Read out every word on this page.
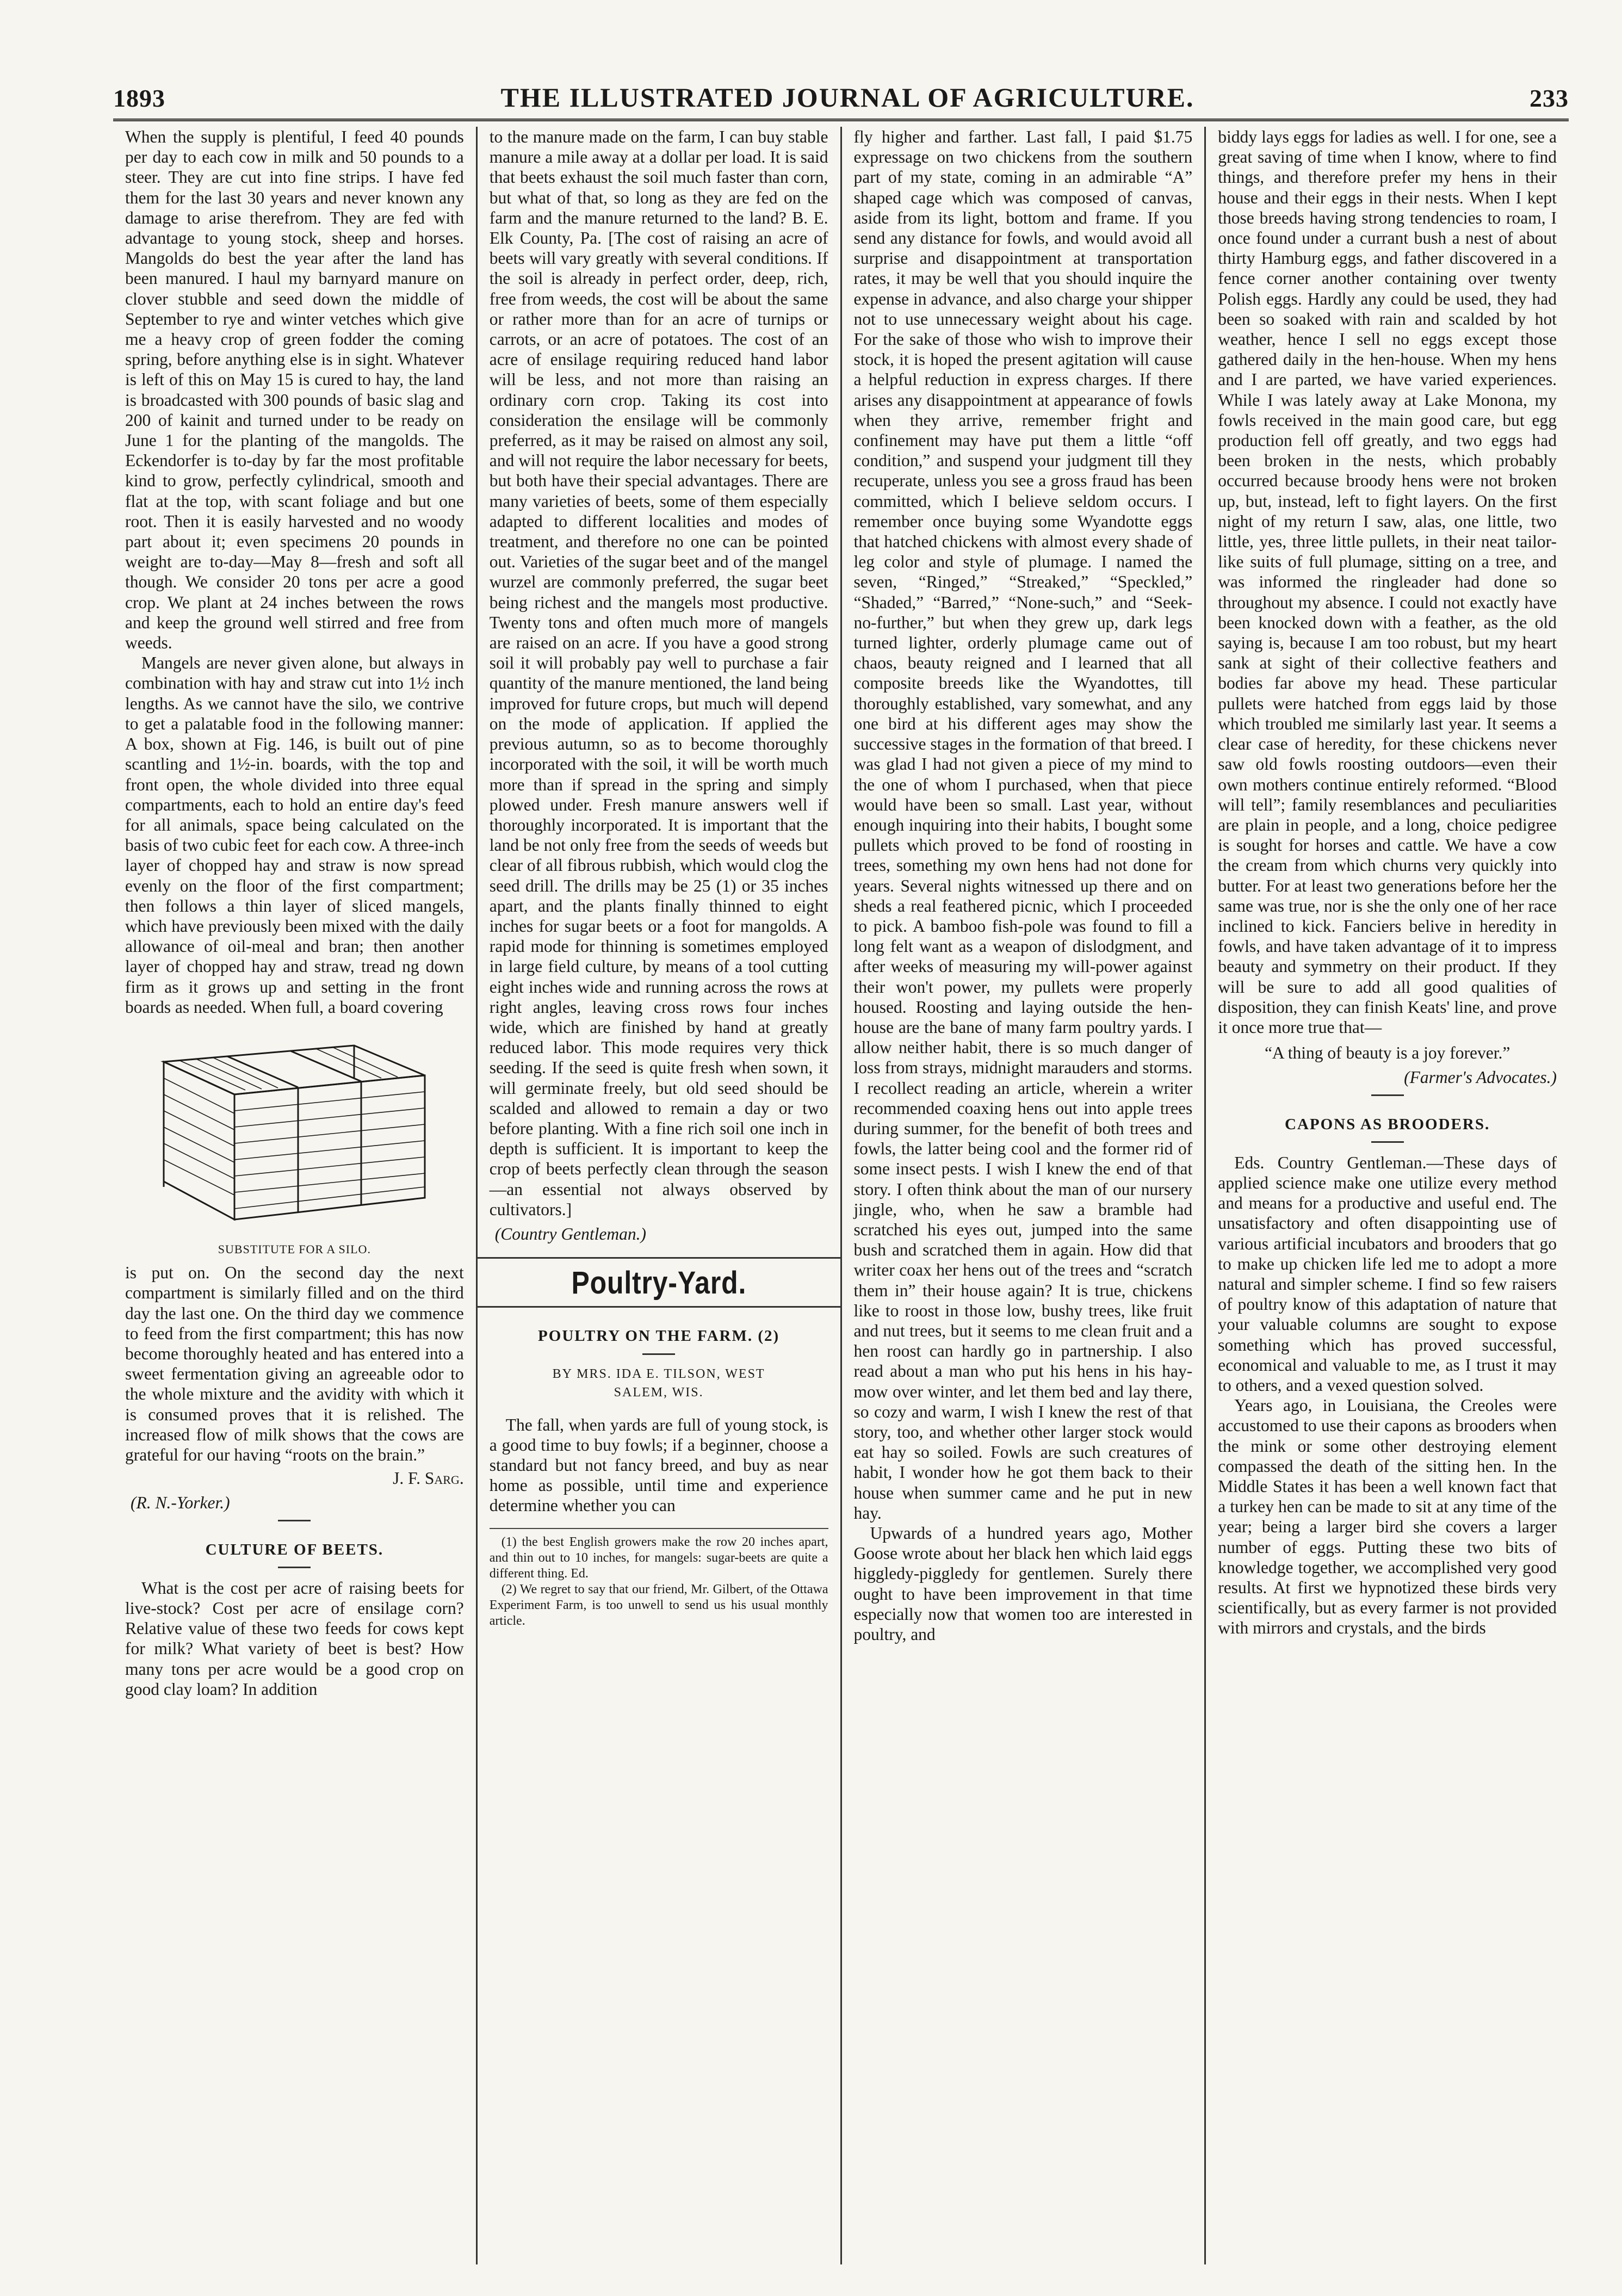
1893	THE ILLUSTRATED JOURNAL OF AGRICULTURE.	233

When the supply is plentiful, I feed 40 pounds per day to each cow in milk and 50 pounds to a steer. They are cut into fine strips. I have fed them for the last 30 years and never known any damage to arise therefrom. They are fed with advantage to young stock, sheep and horses. Mangolds do best the year after the land has been manured. I haul my barnyard manure on clover stubble and seed down the middle of September to rye and winter vetches which give me a heavy crop of green fodder the coming spring, before anything else is in sight. Whatever is left of this on May 15 is cured to hay, the land is broadcasted with 300 pounds of basic slag and 200 of kainit and turned under to be ready on June 1 for the planting of the mangolds. The Eckendorfer is to-day by far the most profitable kind to grow, perfectly cylindrical, smooth and flat at the top, with scant foliage and but one root. Then it is easily harvested and no woody part about it; even specimens 20 pounds in weight are to-day—May 8—fresh and soft all though. We consider 20 tons per acre a good crop. We plant at 24 inches between the rows and keep the ground well stirred and free from weeds.

Mangels are never given alone, but always in combination with hay and straw cut into 1½ inch lengths. As we cannot have the silo, we contrive to get a palatable food in the following manner: A box, shown at Fig. 146, is built out of pine scantling and 1½-in. boards, with the top and front open, the whole divided into three equal compartments, each to hold an entire day's feed for all animals, space being calculated on the basis of two cubic feet for each cow. A three-inch layer of chopped hay and straw is now spread evenly on the floor of the first compartment; then follows a thin layer of sliced mangels, which have previously been mixed with the daily allowance of oil-meal and bran; then another layer of chopped hay and straw, tread ng down firm as it grows up and setting in the front boards as needed. When full, a board covering

SUBSTITUTE FOR A SILO.

is put on. On the second day the next compartment is similarly filled and on the third day the last one. On the third day we commence to feed from the first compartment; this has now become thoroughly heated and has entered into a sweet fermentation giving an agreeable odor to the whole mixture and the avidity with which it is consumed proves that it is relished. The increased flow of milk shows that the cows are grateful for our having “roots on the brain.”

J. F. Sarg.
(R. N.-Yorker.)
CULTURE OF BEETS.

What is the cost per acre of raising beets for live-stock? Cost per acre of ensilage corn? Relative value of these two feeds for cows kept for milk? What variety of beet is best? How many tons per acre would be a good crop on good clay loam? In addition

to the manure made on the farm, I can buy stable manure a mile away at a dollar per load. It is said that beets exhaust the soil much faster than corn, but what of that, so long as they are fed on the farm and the manure returned to the land? B. E. Elk County, Pa. [The cost of raising an acre of beets will vary greatly with several conditions. If the soil is already in perfect order, deep, rich, free from weeds, the cost will be about the same or rather more than for an acre of turnips or carrots, or an acre of potatoes. The cost of an acre of ensilage requiring reduced hand labor will be less, and not more than raising an ordinary corn crop. Taking its cost into consideration the ensilage will be commonly preferred, as it may be raised on almost any soil, and will not require the labor necessary for beets, but both have their special advantages. There are many varieties of beets, some of them especially adapted to different localities and modes of treatment, and therefore no one can be pointed out. Varieties of the sugar beet and of the mangel wurzel are commonly preferred, the sugar beet being richest and the mangels most productive. Twenty tons and often much more of mangels are raised on an acre. If you have a good strong soil it will probably pay well to purchase a fair quantity of the manure mentioned, the land being improved for future crops, but much will depend on the mode of application. If applied the previous autumn, so as to become thoroughly incorporated with the soil, it will be worth much more than if spread in the spring and simply plowed under. Fresh manure answers well if thoroughly incorporated. It is important that the land be not only free from the seeds of weeds but clear of all fibrous rubbish, which would clog the seed drill. The drills may be 25 (1) or 35 inches apart, and the plants finally thinned to eight inches for sugar beets or a foot for mangolds. A rapid mode for thinning is sometimes employed in large field culture, by means of a tool cutting eight inches wide and running across the rows at right angles, leaving cross rows four inches wide, which are finished by hand at greatly reduced labor. This mode requires very thick seeding. If the seed is quite fresh when sown, it will germinate freely, but old seed should be scalded and allowed to remain a day or two before planting. With a fine rich soil one inch in depth is sufficient. It is important to keep the crop of beets perfectly clean through the season—an essential not always observed by cultivators.]

(Country Gentleman.)
Poultry-Yard.
POULTRY ON THE FARM. (2)
BY MRS. IDA E. TILSON, WEST
SALEM, WIS.

The fall, when yards are full of young stock, is a good time to buy fowls; if a beginner, choose a standard but not fancy breed, and buy as near home as possible, until time and experience determine whether you can

(1) the best English growers make the row 20 inches apart, and thin out to 10 inches, for mangels: sugar-beets are quite a different thing. Ed.

(2) We regret to say that our friend, Mr. Gilbert, of the Ottawa Experiment Farm, is too unwell to send us his usual monthly article.

fly higher and farther. Last fall, I paid $1.75 expressage on two chickens from the southern part of my state, coming in an admirable “A” shaped cage which was composed of canvas, aside from its light, bottom and frame. If you send any distance for fowls, and would avoid all surprise and disappointment at transportation rates, it may be well that you should inquire the expense in advance, and also charge your shipper not to use unnecessary weight about his cage. For the sake of those who wish to improve their stock, it is hoped the present agitation will cause a helpful reduction in express charges. If there arises any disappointment at appearance of fowls when they arrive, remember fright and confinement may have put them a little “off condition,” and suspend your judgment till they recuperate, unless you see a gross fraud has been committed, which I believe seldom occurs. I remember once buying some Wyandotte eggs that hatched chickens with almost every shade of leg color and style of plumage. I named the seven, “Ringed,” “Streaked,” “Speckled,” “Shaded,” “Barred,” “None-such,” and “Seek-no-further,” but when they grew up, dark legs turned lighter, orderly plumage came out of chaos, beauty reigned and I learned that all composite breeds like the Wyandottes, till thoroughly established, vary somewhat, and any one bird at his different ages may show the successive stages in the formation of that breed. I was glad I had not given a piece of my mind to the one of whom I purchased, when that piece would have been so small. Last year, without enough inquiring into their habits, I bought some pullets which proved to be fond of roosting in trees, something my own hens had not done for years. Several nights witnessed up there and on sheds a real feathered picnic, which I proceeded to pick. A bamboo fish-pole was found to fill a long felt want as a weapon of dislodgment, and after weeks of measuring my will-power against their won't power, my pullets were properly housed. Roosting and laying outside the hen-house are the bane of many farm poultry yards. I allow neither habit, there is so much danger of loss from strays, midnight marauders and storms. I recollect reading an article, wherein a writer recommended coaxing hens out into apple trees during summer, for the benefit of both trees and fowls, the latter being cool and the former rid of some insect pests. I wish I knew the end of that story. I often think about the man of our nursery jingle, who, when he saw a bramble had scratched his eyes out, jumped into the same bush and scratched them in again. How did that writer coax her hens out of the trees and “scratch them in” their house again? It is true, chickens like to roost in those low, bushy trees, like fruit and nut trees, but it seems to me clean fruit and a hen roost can hardly go in partnership. I also read about a man who put his hens in his hay-mow over winter, and let them bed and lay there, so cozy and warm, I wish I knew the rest of that story, too, and whether other larger stock would eat hay so soiled. Fowls are such creatures of habit, I wonder how he got them back to their house when summer came and he put in new hay.

Upwards of a hundred years ago, Mother Goose wrote about her black hen which laid eggs higgledy-piggledy for gentlemen. Surely there ought to have been improvement in that time especially now that women too are interested in poultry, and

biddy lays eggs for ladies as well. I for one, see a great saving of time when I know, where to find things, and therefore prefer my hens in their house and their eggs in their nests. When I kept those breeds having strong tendencies to roam, I once found under a currant bush a nest of about thirty Hamburg eggs, and father discovered in a fence corner another containing over twenty Polish eggs. Hardly any could be used, they had been so soaked with rain and scalded by hot weather, hence I sell no eggs except those gathered daily in the hen-house. When my hens and I are parted, we have varied experiences. While I was lately away at Lake Monona, my fowls received in the main good care, but egg production fell off greatly, and two eggs had been broken in the nests, which probably occurred because broody hens were not broken up, but, instead, left to fight layers. On the first night of my return I saw, alas, one little, two little, yes, three little pullets, in their neat tailor-like suits of full plumage, sitting on a tree, and was informed the ringleader had done so throughout my absence. I could not exactly have been knocked down with a feather, as the old saying is, because I am too robust, but my heart sank at sight of their collective feathers and bodies far above my head. These particular pullets were hatched from eggs laid by those which troubled me similarly last year. It seems a clear case of heredity, for these chickens never saw old fowls roosting outdoors—even their own mothers continue entirely reformed. “Blood will tell”; family resemblances and peculiarities are plain in people, and a long, choice pedigree is sought for horses and cattle. We have a cow the cream from which churns very quickly into butter. For at least two generations before her the same was true, nor is she the only one of her race inclined to kick. Fanciers belive in heredity in fowls, and have taken advantage of it to impress beauty and symmetry on their product. If they will be sure to add all good qualities of disposition, they can finish Keats' line, and prove it once more true that—

“A thing of beauty is a joy forever.”
(Farmer's Advocates.)
CAPONS AS BROODERS.

Eds. Country Gentleman.—These days of applied science make one utilize every method and means for a productive and useful end. The unsatisfactory and often disappointing use of various artificial incubators and brooders that go to make up chicken life led me to adopt a more natural and simpler scheme. I find so few raisers of poultry know of this adaptation of nature that your valuable columns are sought to expose something which has proved successful, economical and valuable to me, as I trust it may to others, and a vexed question solved.

Years ago, in Louisiana, the Creoles were accustomed to use their capons as brooders when the mink or some other destroying element compassed the death of the sitting hen. In the Middle States it has been a well known fact that a turkey hen can be made to sit at any time of the year; being a larger bird she covers a larger number of eggs. Putting these two bits of knowledge together, we accomplished very good results. At first we hypnotized these birds very scientifically, but as every farmer is not provided with mirrors and crystals, and the birds
